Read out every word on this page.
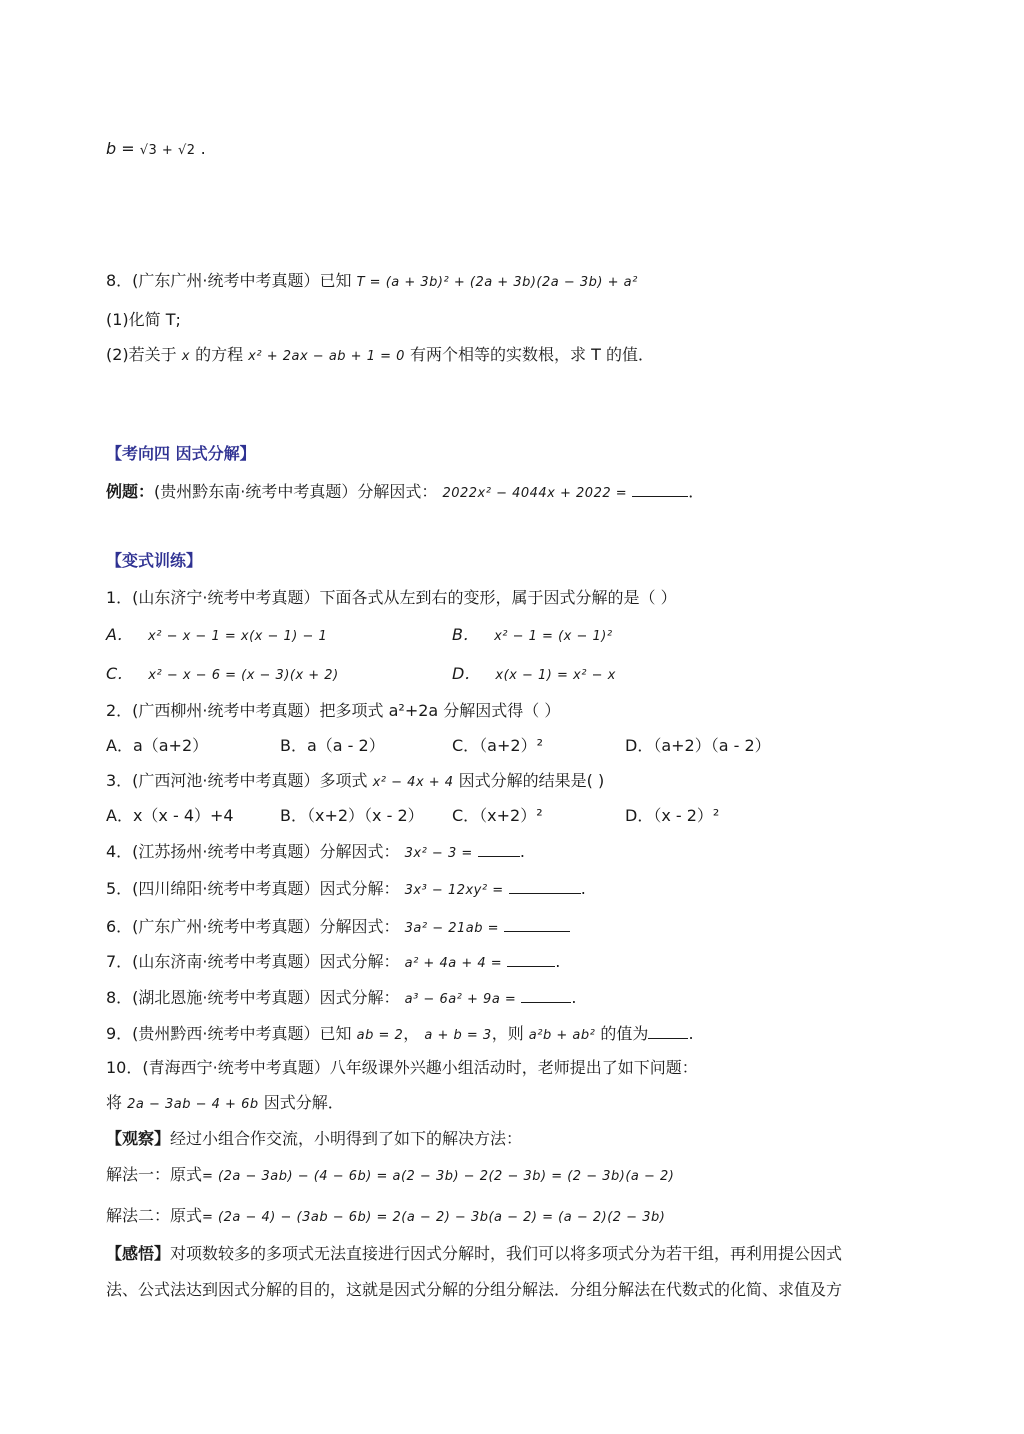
b = √3 + √2 .
8．(广东广州·统考中考真题）已知 T = (a + 3b)² + (2a + 3b)(2a − 3b) + a²
(1)化简 T;
(2)若关于 x 的方程 x² + 2ax − ab + 1 = 0 有两个相等的实数根，求 T 的值．
【考向四 因式分解】
例题：(贵州黔东南·统考中考真题）分解因式： 2022x² − 4044x + 2022 =	．
【变式训练】
1．(山东济宁·统考中考真题）下面各式从左到右的变形，属于因式分解的是（ ）
A． x² − x − 1 = x(x − 1) − 1	B． x² − 1 = (x − 1)²
C． x² − x − 6 = (x − 3)(x + 2)	D． x(x − 1) = x² − x
2．(广西柳州·统考中考真题）把多项式 a²+2a 分解因式得（ ）
A．a（a+2）	B．a（a - 2）	C．（a+2）²	D．（a+2）（a - 2）
3．(广西河池·统考中考真题）多项式 x² − 4x + 4 因式分解的结果是( )
A．x（x - 4）+4	B．（x+2）（x - 2） C．（x+2）²	D．（x - 2）²
4．(江苏扬州·统考中考真题）分解因式： 3x² − 3 =	.
5．(四川绵阳·统考中考真题）因式分解： 3x³ − 12xy² =	.
6．(广东广州·统考中考真题）分解因式： 3a² − 21ab =
7．(山东济南·统考中考真题）因式分解： a² + 4a + 4 =	.
8．(湖北恩施·统考中考真题）因式分解： a³ − 6a² + 9a =	.
9．(贵州黔西·统考中考真题）已知 ab = 2， a + b = 3，则 a²b + ab² 的值为	.
10．(青海西宁·统考中考真题）八年级课外兴趣小组活动时，老师提出了如下问题：
将 2a − 3ab − 4 + 6b 因式分解．
【观察】经过小组合作交流，小明得到了如下的解决方法：
解法一：原式= (2a − 3ab) − (4 − 6b) = a(2 − 3b) − 2(2 − 3b) = (2 − 3b)(a − 2)
解法二：原式= (2a − 4) − (3ab − 6b) = 2(a − 2) − 3b(a − 2) = (a − 2)(2 − 3b)
【感悟】对项数较多的多项式无法直接进行因式分解时，我们可以将多项式分为若干组，再利用提公因式
法、公式法达到因式分解的目的，这就是因式分解的分组分解法．分组分解法在代数式的化简、求值及方
